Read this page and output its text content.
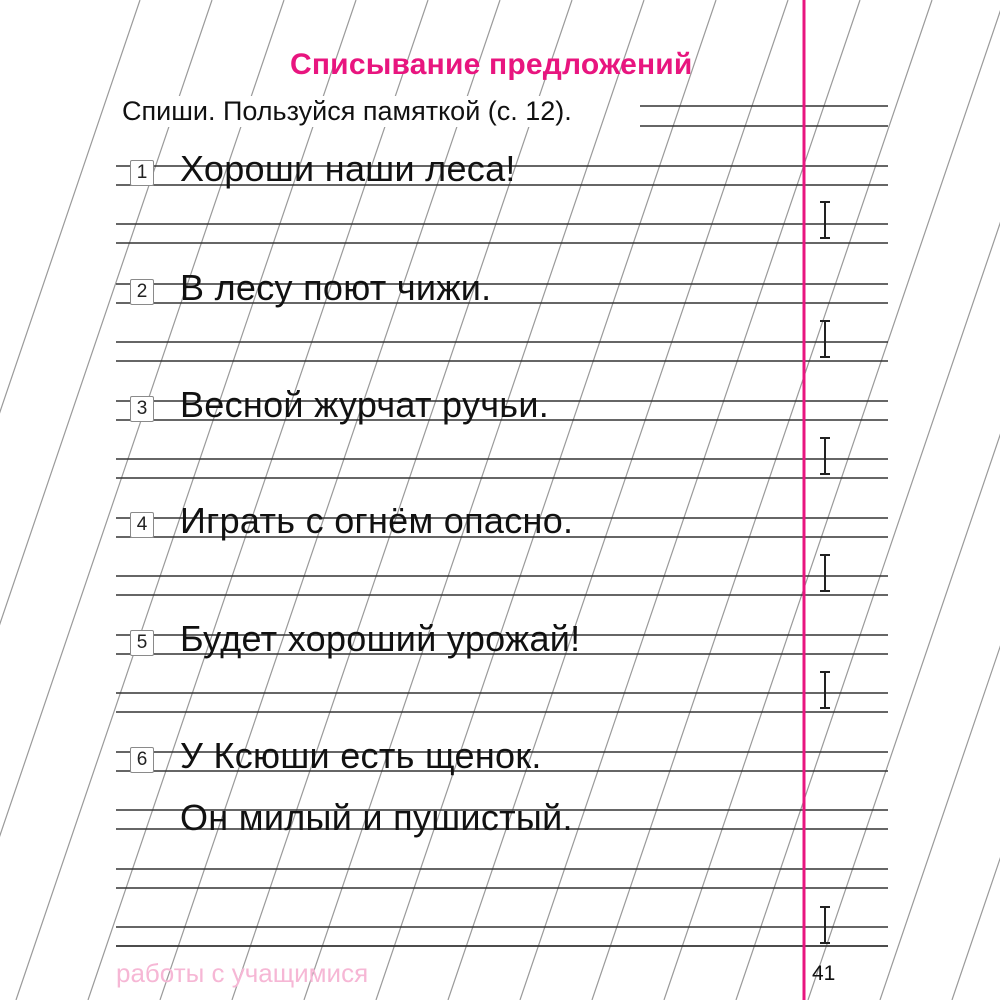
Списывание предложений
Спиши. Пользуйся памяткой (с. 12).
1 Хороши наши леса!
2 В лесу поют чижи.
3 Весной журчат ручьи.
4 Играть с огнём опасно.
5 Будет хороший урожай!
6 У Ксюши есть щенок.
Он милый и пушистый.
работы с учащимися	41
